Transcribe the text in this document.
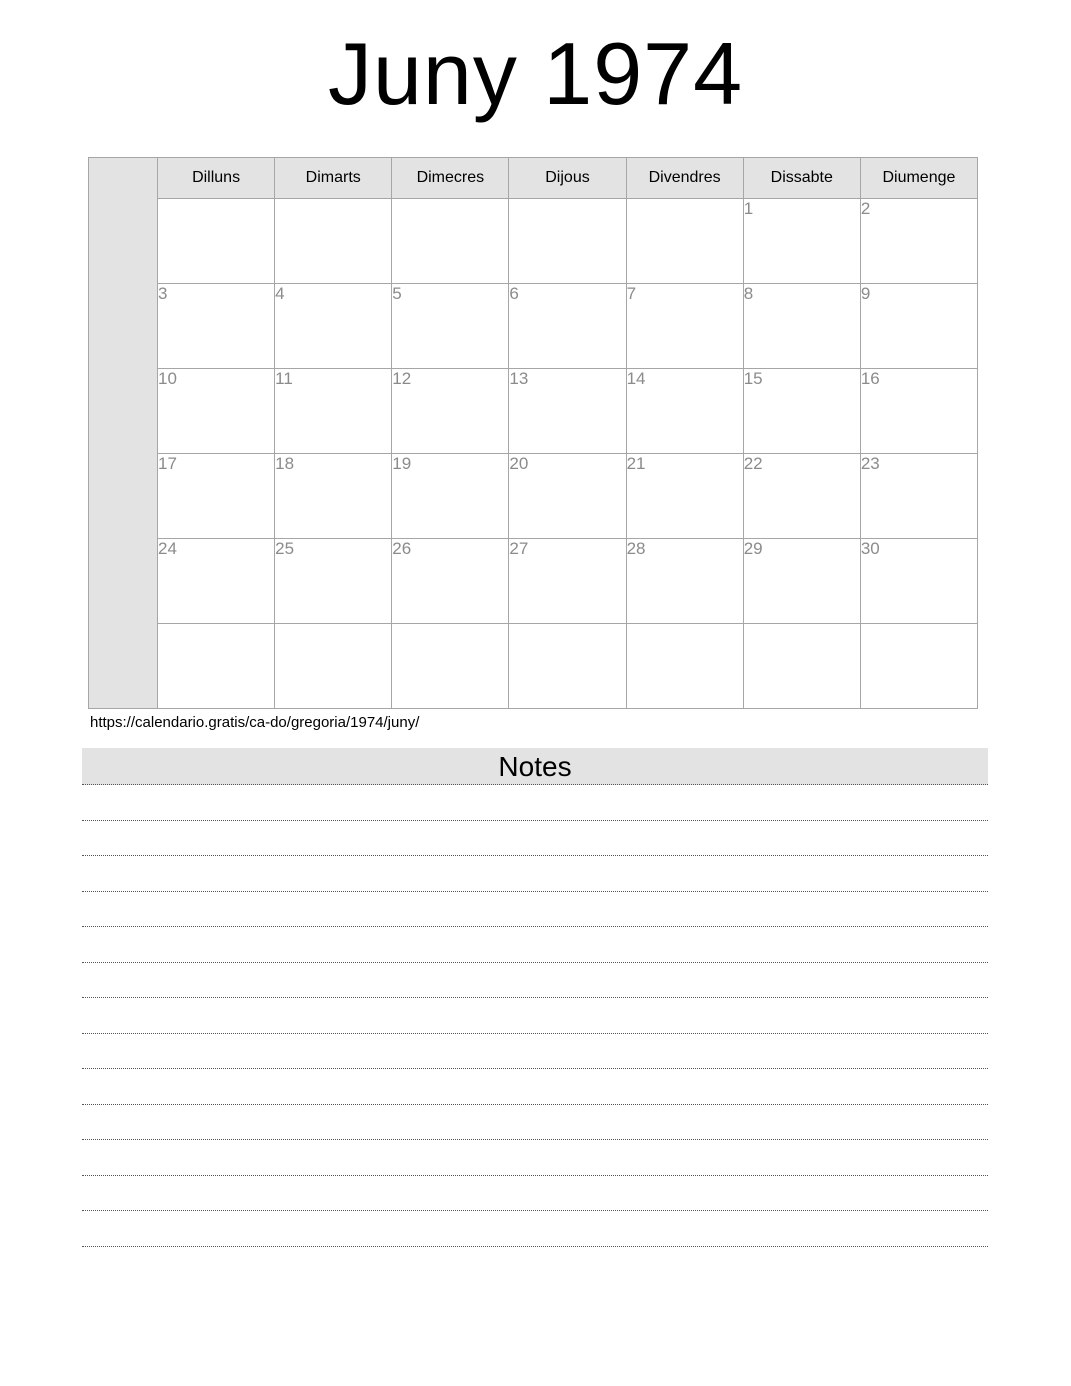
Juny 1974
	Dilluns	Dimarts	Dimecres	Dijous	Divendres	Dissabte	Diumenge
						1	2
	3	4	5	6	7	8	9
	10	11	12	13	14	15	16
	17	18	19	20	21	22	23
	24	25	26	27	28	29	30

https://calendario.gratis/ca-do/gregoria/1974/juny/
Notes
